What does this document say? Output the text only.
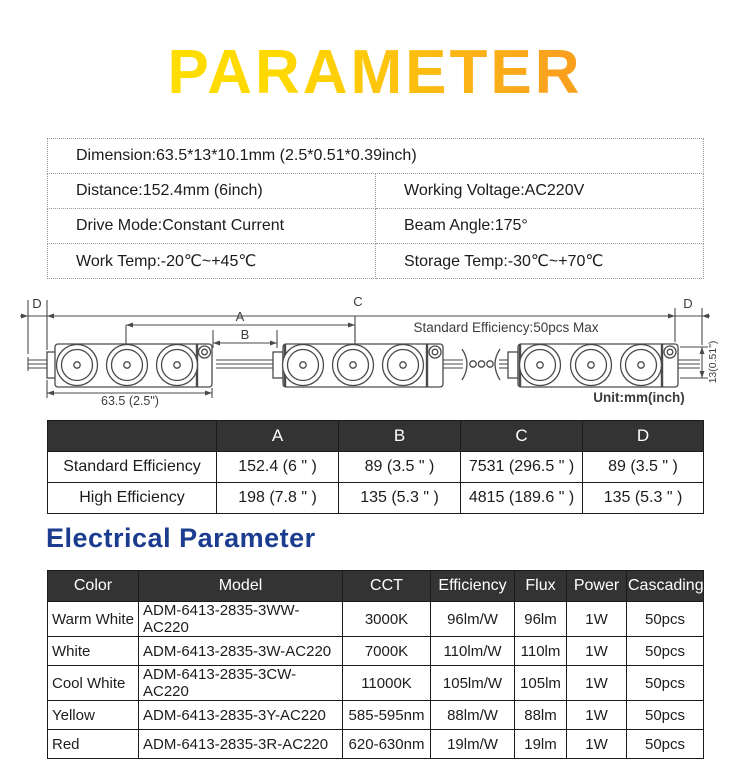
PARAMETER
Dimension:63.5*13*10.1mm (2.5*0.51*0.39inch)	
Distance:152.4mm (6inch)	Working Voltage:AC220V
Drive Mode:Constant Current	Beam Angle:175°
Work Temp:-20℃~+45℃	Storage Temp:-30℃~+70℃
D
A
B
C	D
63.5 (2.5")
13(0.51")
Standard Efficiency:50pcs Max
Unit:mm(inch)
	A	B	C	D
Standard Efficiency	152.4 (6 " )	89 (3.5 " )	7531 (296.5 " )	89 (3.5 " )
High Efficiency	198 (7.8 " )	135 (5.3 " )	4815 (189.6 " )	135 (5.3 " )
Electrical Parameter
Color	Model	CCT	Efficiency	Flux	Power	Cascading
Warm White	ADM-6413-2835-3WW-AC220	3000K	96lm/W	96lm	1W	50pcs
White	ADM-6413-2835-3W-AC220	7000K	110lm/W	110lm	1W	50pcs
Cool White	ADM-6413-2835-3CW-AC220	11000K	105lm/W	105lm	1W	50pcs
Yellow	ADM-6413-2835-3Y-AC220	585-595nm	88lm/W	88lm	1W	50pcs
Red	ADM-6413-2835-3R-AC220	620-630nm	19lm/W	19lm	1W	50pcs
